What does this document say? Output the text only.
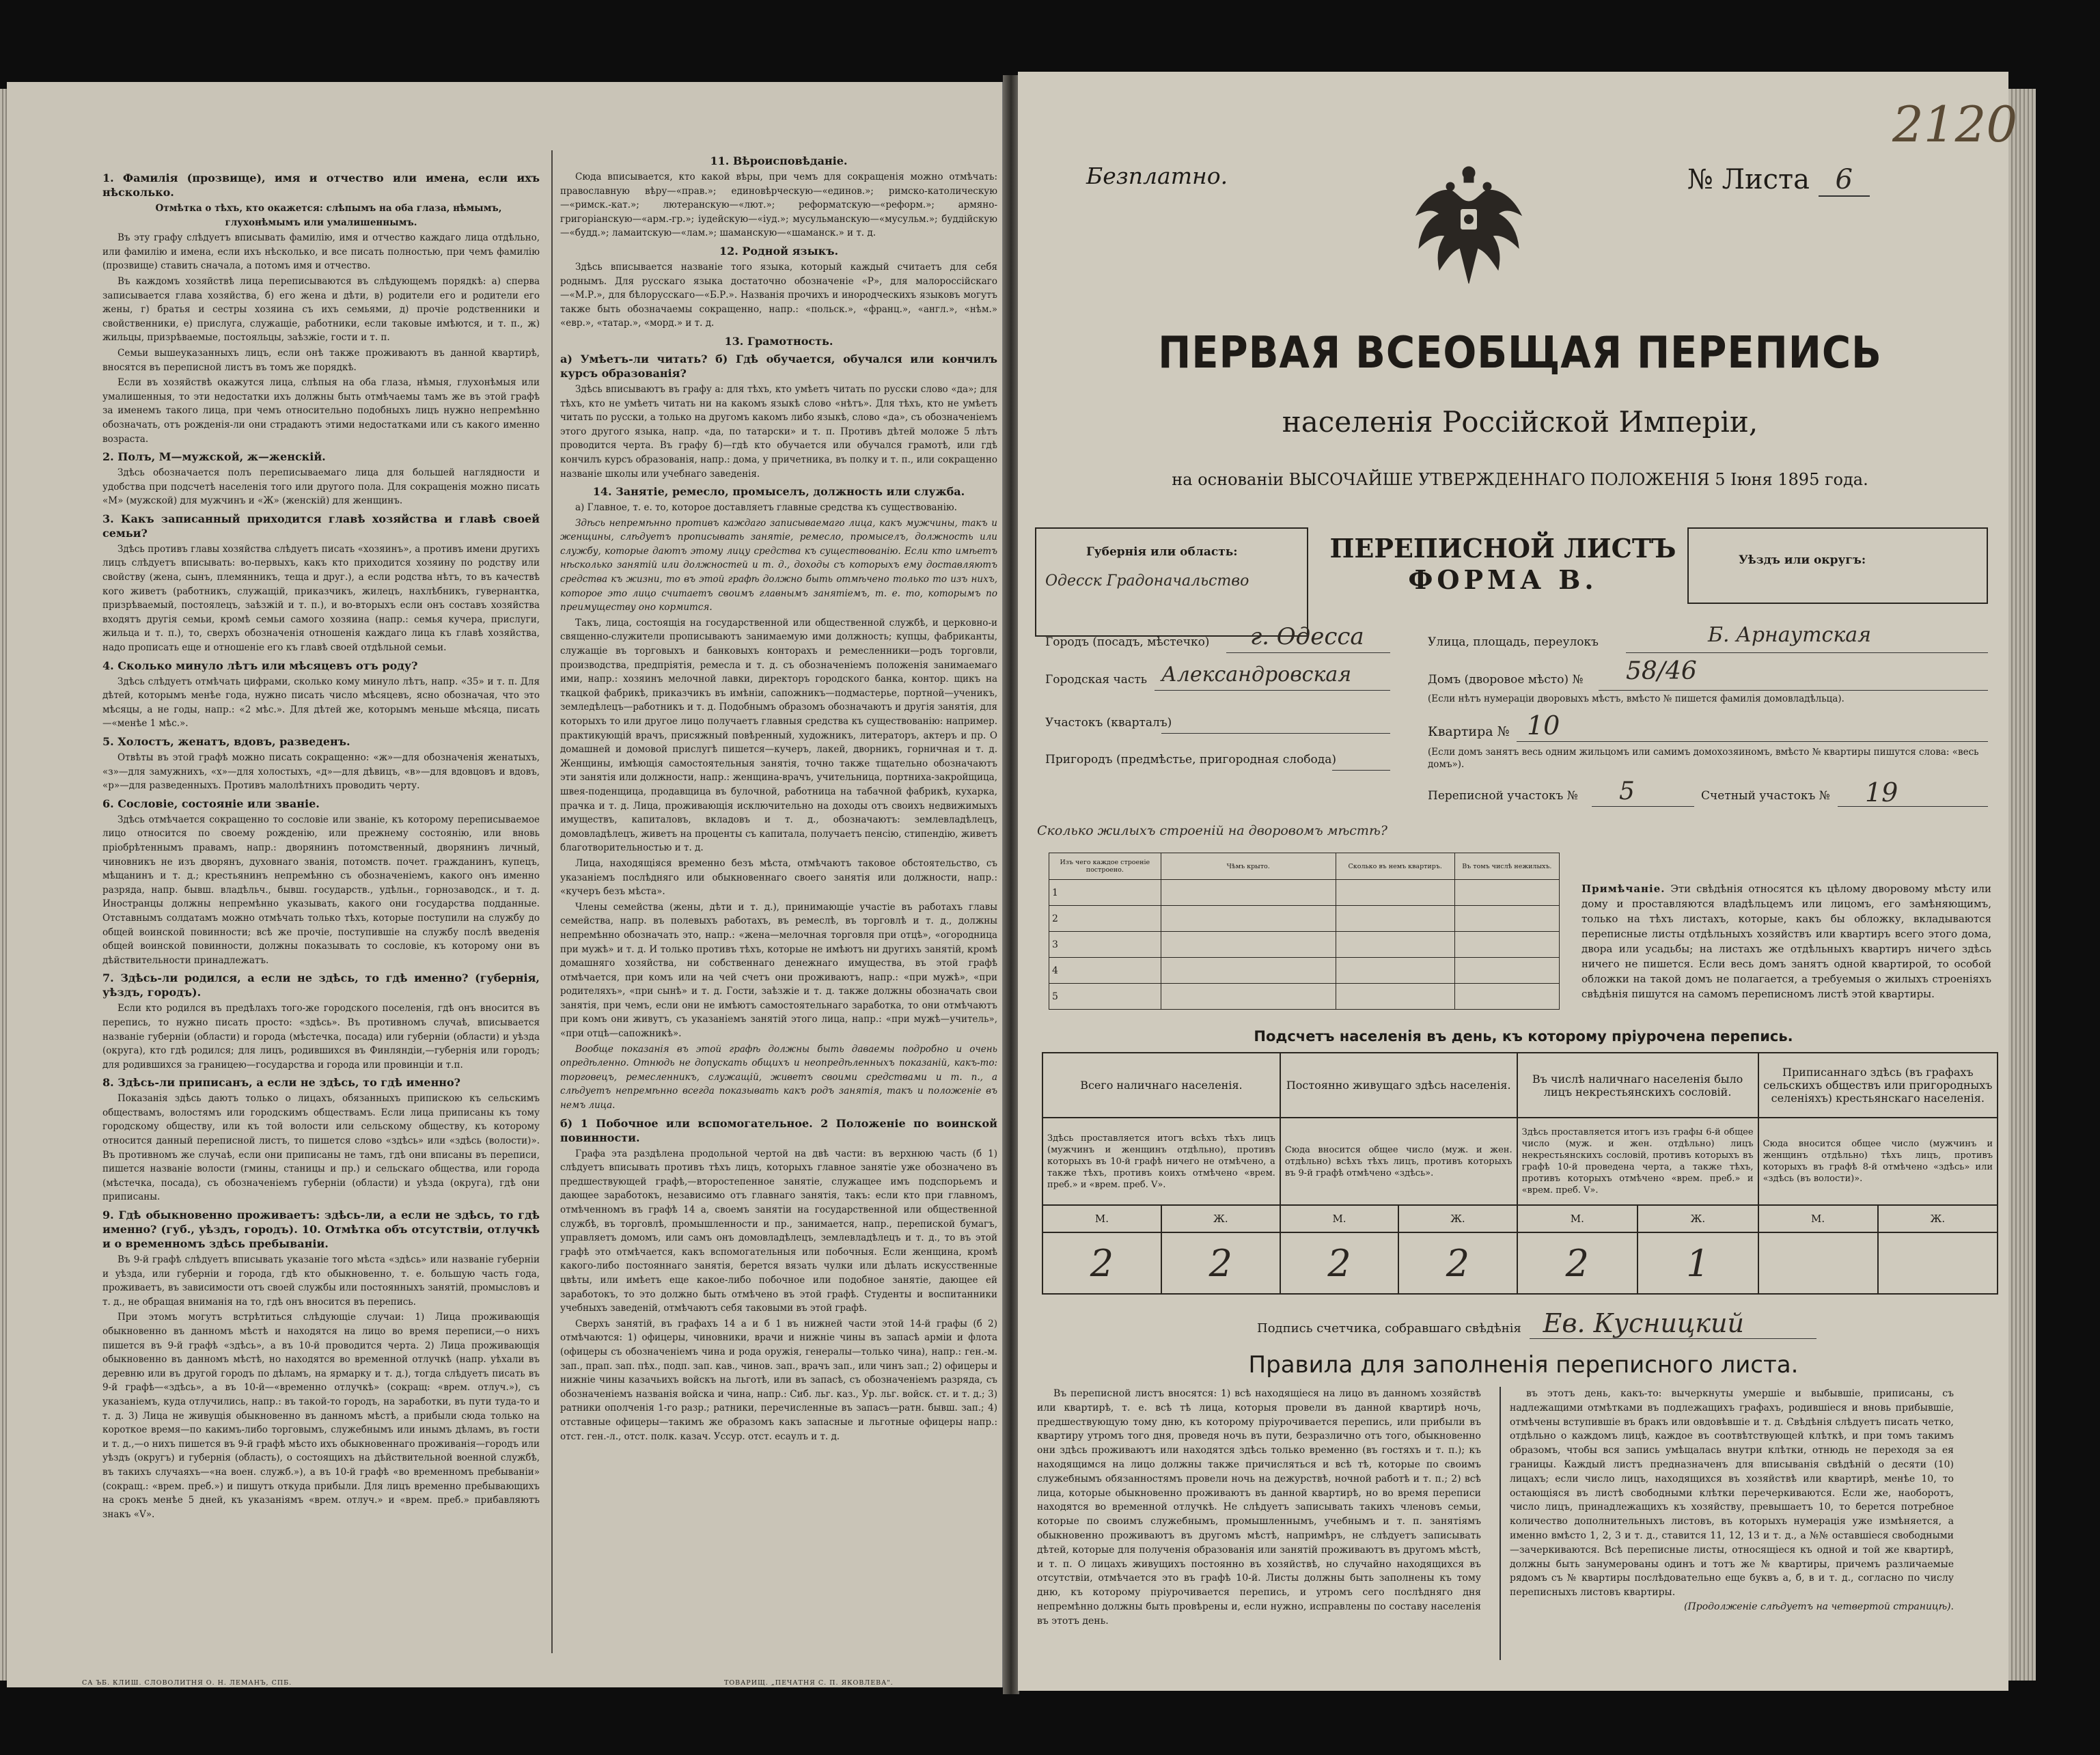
1. Фамилія (прозвище), имя и отчество или имена, если ихъ нѣсколько.

Отмѣтка о тѣхъ, кто окажется: слѣпымъ на оба глаза, нѣмымъ, глухонѣмымъ или умалишеннымъ.

Въ эту графу слѣдуетъ вписывать фамилію, имя и отчество каждаго лица отдѣльно, или фамилію и имена, если ихъ нѣсколько, и все писать полностью, при чемъ фамилію (прозвище) ставить сначала, а потомъ имя и отчество.

Въ каждомъ хозяйствѣ лица переписываются въ слѣдующемъ порядкѣ: а) сперва записывается глава хозяйства, б) его жена и дѣти, в) родители его и родители его жены, г) братья и сестры хозяина съ ихъ семьями, д) прочіе родственники и свойственники, е) прислуга, служащіе, работники, если таковые имѣются, и т. п., ж) жильцы, призрѣваемые, постояльцы, заѣзжіе, гости и т. п.

Семьи вышеуказанныхъ лицъ, если онѣ также проживаютъ въ данной квартирѣ, вносятся въ переписной листъ въ томъ же порядкѣ.

Если въ хозяйствѣ окажутся лица, слѣпыя на оба глаза, нѣмыя, глухонѣмыя или умалишенныя, то эти недостатки ихъ должны быть отмѣчаемы тамъ же въ этой графѣ за именемъ такого лица, при чемъ относительно подобныхъ лицъ нужно непремѣнно обозначать, отъ рожденія-ли они страдаютъ этими недостатками или съ какого именно возраста.

2. Полъ, М—мужской, ж—женскій.

Здѣсь обозначается полъ переписываемаго лица для большей наглядности и удобства при подсчетѣ населенія того или другого пола. Для сокращенія можно писать «М» (мужской) для мужчинъ и «Ж» (женскій) для женщинъ.

3. Какъ записанный приходится главѣ хозяйства и главѣ своей семьи?

Здѣсь противъ главы хозяйства слѣдуетъ писать «хозяинъ», а противъ имени другихъ лицъ слѣдуетъ вписывать: во-первыхъ, какъ кто приходится хозяину по родству или свойству (жена, сынъ, племянникъ, теща и друг.), а если родства нѣтъ, то въ качествѣ кого живетъ (работникъ, служащій, приказчикъ, жилецъ, нахлѣбникъ, гувернантка, призрѣваемый, постоялецъ, заѣзжій и т. п.), и во-вторыхъ если онъ составъ хозяйства входятъ другія семьи, кромѣ семьи самого хозяина (напр.: семья кучера, прислуги, жильца и т. п.), то, сверхъ обозначенія отношенія каждаго лица къ главѣ хозяйства, надо прописать еще и отношеніе его къ главѣ своей отдѣльной семьи.

4. Сколько минуло лѣтъ или мѣсяцевъ отъ роду?

Здѣсь слѣдуетъ отмѣчать цифрами, сколько кому минуло лѣтъ, напр. «35» и т. п. Для дѣтей, которымъ менѣе года, нужно писать число мѣсяцевъ, ясно обозначая, что это мѣсяцы, а не годы, напр.: «2 мѣс.». Для дѣтей же, которымъ меньше мѣсяца, писать—«менѣе 1 мѣс.».

5. Холостъ, женатъ, вдовъ, разведенъ.

Отвѣты въ этой графѣ можно писать сокращенно: «ж»—для обозначенія женатыхъ, «з»—для замужнихъ, «х»—для холостыхъ, «д»—для дѣвицъ, «в»—для вдовцовъ и вдовъ, «р»—для разведенныхъ. Противъ малолѣтнихъ проводить черту.

6. Сословіе, состояніе или званіе.

Здѣсь отмѣчается сокращенно то сословіе или званіе, къ которому переписываемое лицо относится по своему рожденію, или прежнему состоянію, или вновь пріобрѣтеннымъ правамъ, напр.: дворянинъ потомственный, дворянинъ личный, чиновникъ не изъ дворянъ, духовнаго званія, потомств. почет. гражданинъ, купецъ, мѣщанинъ и т. д.; крестьянинъ непремѣнно съ обозначеніемъ, какого онъ именно разряда, напр. бывш. владѣльч., бывш. государств., удѣльн., горнозаводск., и т. д. Иностранцы должны непремѣнно указывать, какого они государства подданные. Отставнымъ солдатамъ можно отмѣчать только тѣхъ, которые поступили на службу до общей воинской повинности; всѣ же прочіе, поступившіе на службу послѣ введенія общей воинской повинности, должны показывать то сословіе, къ которому они въ дѣйствительности принадлежатъ.

7. Здѣсь-ли родился, а если не здѣсь, то гдѣ именно? (губернія, уѣздъ, городъ).

Если кто родился въ предѣлахъ того-же городского поселенія, гдѣ онъ вносится въ перепись, то нужно писать просто: «здѣсь». Въ противномъ случаѣ, вписывается названіе губерніи (области) и города (мѣстечка, посада) или губерніи (области) и уѣзда (округа), кто гдѣ родился; для лицъ, родившихся въ Финляндіи,—губернія или городъ; для родившихся за границею—государства и города или провинціи и т.п.

8. Здѣсь-ли приписанъ, а если не здѣсь, то гдѣ именно?

Показанія здѣсь даютъ только о лицахъ, обязанныхъ припискою къ сельскимъ обществамъ, волостямъ или городскимъ обществамъ. Если лица приписаны къ тому городскому обществу, или къ той волости или сельскому обществу, къ которому относится данный переписной листъ, то пишется слово «здѣсь» или «здѣсь (волости)». Въ противномъ же случаѣ, если они приписаны не тамъ, гдѣ они вписаны въ переписи, пишется названіе волости (гмины, станицы и пр.) и сельскаго общества, или города (мѣстечка, посада), съ обозначеніемъ губерніи (области) и уѣзда (округа), гдѣ они приписаны.

9. Гдѣ обыкновенно проживаетъ: здѣсь-ли, а если не здѣсь, то гдѣ именно? (губ., уѣздъ, городъ). 10. Отмѣтка объ отсутствіи, отлучкѣ и о временномъ здѣсь пребываніи.

Въ 9-й графѣ слѣдуетъ вписывать указаніе того мѣста «здѣсь» или названіе губерніи и уѣзда, или губерніи и города, гдѣ кто обыкновенно, т. е. большую часть года, проживаетъ, въ зависимости отъ своей службы или постоянныхъ занятій, промысловъ и т. д., не обращая вниманія на то, гдѣ онъ вносится въ перепись.

При этомъ могутъ встрѣтиться слѣдующіе случаи: 1) Лица проживающія обыкновенно въ данномъ мѣстѣ и находятся на лицо во время переписи,—о нихъ пишется въ 9-й графѣ «здѣсь», а въ 10-й проводится черта. 2) Лица проживающія обыкновенно въ данномъ мѣстѣ, но находятся во временной отлучкѣ (напр. уѣхали въ деревню или въ другой городъ по дѣламъ, на ярмарку и т. д.), тогда слѣдуетъ писать въ 9-й графѣ—«здѣсь», а въ 10-й—«временно отлучкѣ» (сокращ: «врем. отлуч.»), съ указаніемъ, куда отлучились, напр.: въ такой-то городъ, на заработки, въ пути туда-то и т. д. 3) Лица не живущія обыкновенно въ данномъ мѣстѣ, а прибыли сюда только на короткое время—по какимъ-либо торговымъ, служебнымъ или инымъ дѣламъ, въ гости и т. д.,—о нихъ пишется въ 9-й графѣ мѣсто ихъ обыкновеннаго проживанія—городъ или уѣздъ (округъ) и губернія (область), о состоящихъ на дѣйствительной военной службѣ, въ такихъ случаяхъ—«на воен. служб.»), а въ 10-й графѣ «во временномъ пребываніи» (сокращ.: «врем. преб.») и пишутъ откуда прибыли. Для лицъ временно пребывающихъ на срокъ менѣе 5 дней, къ указаніямъ «врем. отлуч.» и «врем. преб.» прибавляютъ знакъ «V».

11. Вѣроисповѣданіе.

Сюда вписывается, кто какой вѣры, при чемъ для сокращенія можно отмѣчать: православную вѣру—«прав.»; единовѣрческую—«единов.»; римско-католическую—«римск.-кат.»; лютеранскую—«лют.»; реформатскую—«реформ.»; армяно-григоріанскую—«арм.-гр.»; іудейскую—«іуд.»; мусульманскую—«мусульм.»; буддійскую—«будд.»; ламаитскую—«лам.»; шаманскую—«шаманск.» и т. д.

12. Родной языкъ.

Здѣсь вписывается названіе того языка, который каждый считаетъ для себя роднымъ. Для русскаго языка достаточно обозначеніе «Р», для малороссійскаго—«М.Р.», для бѣлорусскаго—«Б.Р.». Названія прочихъ и инородческихъ языковъ могутъ также быть обозначаемы сокращенно, напр.: «польск.», «франц.», «англ.», «нѣм.» «евр.», «татар.», «морд.» и т. д.

13. Грамотность.
а) Умѣетъ-ли читать? б) Гдѣ обучается, обучался или кончилъ курсъ образованія?

Здѣсь вписываютъ въ графу а: для тѣхъ, кто умѣетъ читать по русски слово «да»; для тѣхъ, кто не умѣетъ читать ни на какомъ языкѣ слово «нѣтъ». Для тѣхъ, кто не умѣетъ читать по русски, а только на другомъ какомъ либо языкѣ, слово «да», съ обозначеніемъ этого другого языка, напр. «да, по татарски» и т. п. Противъ дѣтей моложе 5 лѣтъ проводится черта. Въ графу б)—гдѣ кто обучается или обучался грамотѣ, или гдѣ кончилъ курсъ образованія, напр.: дома, у причетника, въ полку и т. п., или сокращенно названіе школы или учебнаго заведенія.

14. Занятіе, ремесло, промыселъ, должность или служба.

а) Главное, т. е. то, которое доставляетъ главные средства къ существованію.

Здѣсь непремѣнно противъ каждаго записываемаго лица, какъ мужчины, такъ и женщины, слѣдуетъ прописывать занятіе, ремесло, промыселъ, должность или службу, которые даютъ этому лицу средства къ существованію. Если кто имѣетъ нѣсколько занятій или должностей и т. д., доходы съ которыхъ ему доставляютъ средства къ жизни, то въ этой графѣ должно быть отмѣчено только то изъ нихъ, которое это лицо считаетъ своимъ главнымъ занятіемъ, т. е. то, которымъ по преимуществу оно кормится.

Такъ, лица, состоящія на государственной или общественной службѣ, и церковно-и священно-служители прописываютъ занимаемую ими должность; купцы, фабриканты, служащіе въ торговыхъ и банковыхъ конторахъ и ремесленники—родъ торговли, производства, предпріятія, ремесла и т. д. съ обозначеніемъ положенія занимаемаго ими, напр.: хозяинъ мелочной лавки, директоръ городского банка, контор. щикъ на ткацкой фабрикѣ, приказчикъ въ имѣніи, сапожникъ—подмастерье, портной—ученикъ, земледѣлецъ—работникъ и т. д. Подобнымъ образомъ обозначаютъ и другія занятія, для которыхъ то или другое лицо получаетъ главныя средства къ существованію: например. практикующій врачъ, присяжный повѣренный, художникъ, литераторъ, актеръ и пр. О домашней и домовой прислугѣ пишется—кучеръ, лакей, дворникъ, горничная и т. д. Женщины, имѣющія самостоятельныя занятія, точно также тщательно обозначаютъ эти занятія или должности, напр.: женщина-врачъ, учительница, портниха-закройщица, швея-поденщица, продавщица въ булочной, работница на табачной фабрикѣ, кухарка, прачка и т. д. Лица, проживающія исключительно на доходы отъ своихъ недвижимыхъ имуществъ, капиталовъ, вкладовъ и т. д., обозначаютъ: землевладѣлецъ, домовладѣлецъ, живетъ на проценты съ капитала, получаетъ пенсію, стипендію, живетъ благотворительностью и т. д.

Лица, находящіяся временно безъ мѣста, отмѣчаютъ таковое обстоятельство, съ указаніемъ послѣдняго или обыкновеннаго своего занятія или должности, напр.: «кучеръ безъ мѣста».

Члены семейства (жены, дѣти и т. д.), принимающіе участіе въ работахъ главы семейства, напр. въ полевыхъ работахъ, въ ремеслѣ, въ торговлѣ и т. д., должны непремѣнно обозначать это, напр.: «жена—мелочная торговля при отцѣ», «огородница при мужѣ» и т. д. И только противъ тѣхъ, которые не имѣютъ ни другихъ занятій, кромѣ домашняго хозяйства, ни собственнаго денежнаго имущества, въ этой графѣ отмѣчается, при комъ или на чей счетъ они проживаютъ, напр.: «при мужѣ», «при родителяхъ», «при сынѣ» и т. д. Гости, заѣзжіе и т. д. также должны обозначать свои занятія, при чемъ, если они не имѣютъ самостоятельнаго заработка, то они отмѣчаютъ при комъ они живутъ, съ указаніемъ занятій этого лица, напр.: «при мужѣ—учитель», «при отцѣ—сапожникѣ».

Вообще показанія въ этой графѣ должны быть даваемы подробно и очень опредѣленно. Отнюдь не допускать общихъ и неопредѣленныхъ показаній, какъ-то: торговецъ, ремесленникъ, служащій, живетъ своими средствами и т. п., а слѣдуетъ непремѣнно всегда показывать какъ родъ занятія, такъ и положеніе въ немъ лица.

б) 1 Побочное или вспомогательное. 2 Положеніе по воинской повинности.

Графа эта раздѣлена продольной чертой на двѣ части: въ верхнюю часть (б 1) слѣдуетъ вписывать противъ тѣхъ лицъ, которыхъ главное занятіе уже обозначено въ предшествующей графѣ,—второстепенное занятіе, служащее имъ подспорьемъ и дающее заработокъ, независимо отъ главнаго занятія, такъ: если кто при главномъ, отмѣченномъ въ графѣ 14 а, своемъ занятіи на государственной или общественной службѣ, въ торговлѣ, промышленности и пр., занимается, напр., перепиской бумагъ, управляетъ домомъ, или самъ онъ домовладѣлецъ, землевладѣлецъ и т. д., то въ этой графѣ это отмѣчается, какъ вспомогательныя или побочныя. Если женщина, кромѣ какого-либо постояннаго занятія, берется вязать чулки или дѣлать искусственные цвѣты, или имѣетъ еще какое-либо побочное или подобное занятіе, дающее ей заработокъ, то это должно быть отмѣчено въ этой графѣ. Студенты и воспитанники учебныхъ заведеній, отмѣчаютъ себя таковыми въ этой графѣ.

Сверхъ занятій, въ графахъ 14 а и б 1 въ нижней части этой 14-й графы (б 2) отмѣчаются: 1) офицеры, чиновники, врачи и нижніе чины въ запасѣ арміи и флота (офицеры съ обозначеніемъ чина и рода оружія, генералы—только чина), напр.: ген.-м. зап., прап. зап. пѣх., подп. зап. кав., чинов. зап., врачъ зап., или чинъ зап.; 2) офицеры и нижніе чины казачьихъ войскъ на льготѣ, или въ запасѣ, съ обозначеніемъ разряда, съ обозначеніемъ названія войска и чина, напр.: Сиб. льг. каз., Ур. льг. войск. ст. и т. д.; 3) ратники ополченія 1-го разр.; ратники, перечисленные въ запасъ—ратн. бывш. зап.; 4) отставные офицеры—такимъ же образомъ какъ запасные и льготные офицеры напр.: отст. ген.-л., отст. полк. казач. Уссур. отст. есаулъ и т. д.

СА ЪБ. КЛИШ. СЛОВОЛИТНЯ О. Н. ЛЕМАНЪ, СПБ.	ТОВАРИЩ. „ПЕЧАТНЯ С. П. ЯКОВЛЕВА".
2120
Безплатно.	№ Листа 6
ПЕРВАЯ ВСЕОБЩАЯ ПЕРЕПИСЬ
населенія Россійской Имперіи,
на основаніи ВЫСОЧАЙШЕ УТВЕРЖДЕННАГО ПОЛОЖЕНІЯ 5 Іюня 1895 года.
Губернія или область:
Одесск Градоначальство
ПЕРЕПИСНОЙ ЛИСТЪ
ФОРМА В.
Уѣздъ или округъ:
Городъ (посадъ, мѣстечко) г. Одесса	Улица, площадь, переулокъ	Б. Арнаутская
Городская часть Александровская	Домъ (дворовое мѣсто) № 58/46
(Если нѣтъ нумераціи дворовыхъ мѣстъ, вмѣсто № пишется фамилія домовладѣльца).
Участокъ (кварталъ)
Квартира № 10
(Если домъ занятъ весь одним жильцомъ или самимъ домохозяиномъ, вмѣсто № квартиры пишутся слова: «весь домъ»).
Пригородъ (предмѣстье, пригородная слобода)
Переписной участокъ № 5	Счетный участокъ № 19
Сколько жилыхъ строеній на дворовомъ мѣстѣ?
Изъ чего каждое строеніе построено.	Чѣмъ крыто.	Сколько въ немъ квартиръ.	Въ томъ числѣ нежилыхъ.
1			
2			
3			
4			
5			
Примѣчаніе. Эти свѣдѣнія относятся къ цѣлому дворовому мѣсту или дому и проставляются владѣльцемъ или лицомъ, его замѣняющимъ, только на тѣхъ листахъ, которые, какъ бы обложку, вкладываются переписные листы отдѣльныхъ хозяйствъ или квартиръ всего этого дома, двора или усадьбы; на листахъ же отдѣльныхъ квартиръ ничего здѣсь ничего не пишется. Если весь домъ занятъ одной квартирой, то особой обложки на такой домъ не полагается, а требуемыя о жилыхъ строеніяхъ свѣдѣнія пишутся на самомъ переписномъ листѣ этой квартиры.
Подсчетъ населенія въ день, къ которому пріурочена перепись.
Всего наличнаго населенія.		Постоянно живущаго здѣсь населенія.		Въ числѣ наличнаго населенія было лицъ некрестьянскихъ сословій.		Приписаннаго здѣсь (въ графахъ сельскихъ обществъ или пригородныхъ селеніяхъ) крестьянскаго населенія.	
Здѣсь проставляется итогъ всѣхъ тѣхъ лицъ (мужчинъ и женщинъ отдѣльно), противъ которыхъ въ 10-й графѣ ничего не отмѣчено, а также тѣхъ, противъ коихъ отмѣчено «врем. преб.» и «врем. преб. V».		Сюда вносится общее число (муж. и жен. отдѣльно) всѣхъ тѣхъ лицъ, противъ которыхъ въ 9-й графѣ отмѣчено «здѣсь».		Здѣсь проставляется итогъ изъ графы 6-й общее число (муж. и жен. отдѣльно) лицъ некрестьянскихъ сословій, противъ которыхъ въ графѣ 10-й проведена черта, а также тѣхъ, противъ которыхъ отмѣчено «врем. преб.» и «врем. преб. V».		Сюда вносится общее число (мужчинъ и женщинъ отдѣльно) тѣхъ лицъ, противъ которыхъ въ графѣ 8-й отмѣчено «здѣсь» или «здѣсь (въ волости)».	
М.	Ж.	М.	Ж.	М.	Ж.	М.	Ж.
2	2	2	2	2	1		
Подпись счетчика, собравшаго свѣдѣнія Ев. Кусницкий
Правила для заполненія переписного листа.

Въ переписной листъ вносятся: 1) всѣ находящіеся на лицо въ данномъ хозяйствѣ или квартирѣ, т. е. всѣ тѣ лица, которыя провели въ данной квартирѣ ночь, предшествующую тому дню, къ которому пріурочивается перепись, или прибыли въ квартиру утромъ того дня, проведя ночь въ пути, безразлично отъ того, обыкновенно они здѣсь проживаютъ или находятся здѣсь только временно (въ гостяхъ и т. п.); къ находящимся на лицо должны также причисляться и всѣ тѣ, которые по своимъ служебнымъ обязанностямъ провели ночь на дежурствѣ, ночной работѣ и т. п.; 2) всѣ лица, которые обыкновенно проживаютъ въ данной квартирѣ, но во время переписи находятся во временной отлучкѣ. Не слѣдуетъ записывать такихъ членовъ семьи, которые по своимъ служебнымъ, промышленнымъ, учебнымъ и т. п. занятіямъ обыкновенно проживаютъ въ другомъ мѣстѣ, напримѣръ, не слѣдуетъ записывать дѣтей, которые для полученія образованія или занятій проживаютъ въ другомъ мѣстѣ, и т. п. О лицахъ живущихъ постоянно въ хозяйствѣ, но случайно находящихся въ отсутствіи, отмѣчается это въ графѣ 10-й. Листы должны быть заполнены къ тому дню, къ которому пріурочивается перепись, и утромъ сего послѣдняго дня непремѣнно должны быть провѣрены и, если нужно, исправлены по составу населенія въ этотъ день.

въ этотъ день, какъ-то: вычеркнуты умершіе и выбывшіе, приписаны, съ надлежащими отмѣтками въ подлежащихъ графахъ, родившіеся и вновь прибывшіе, отмѣчены вступившіе въ бракъ или овдовѣвшіе и т. д. Свѣдѣнія слѣдуетъ писать четко, отдѣльно о каждомъ лицѣ, каждое въ соотвѣтствующей клѣткѣ, и при томъ такимъ образомъ, чтобы вся запись умѣщалась внутри клѣтки, отнюдь не переходя за ея границы. Каждый листъ предназначенъ для вписыванія свѣдѣній о десяти (10) лицахъ; если число лицъ, находящихся въ хозяйствѣ или квартирѣ, менѣе 10, то остающіяся въ листѣ свободными клѣтки перечеркиваются. Если же, наоборотъ, число лицъ, принадлежащихъ къ хозяйству, превышаетъ 10, то берется потребное количество дополнительныхъ листовъ, въ которыхъ нумерація уже измѣняется, а именно вмѣсто 1, 2, 3 и т. д., ставится 11, 12, 13 и т. д., а №№ оставшіеся свободными—зачеркиваются. Всѣ переписные листы, относящіеся къ одной и той же квартирѣ, должны быть занумерованы одинъ и тотъ же № квартиры, причемъ различаемые рядомъ съ № квартиры послѣдовательно еще буквъ а, б, в и т. д., согласно по числу переписныхъ листовъ квартиры.

(Продолженіе слѣдуетъ на четвертой страницѣ).
